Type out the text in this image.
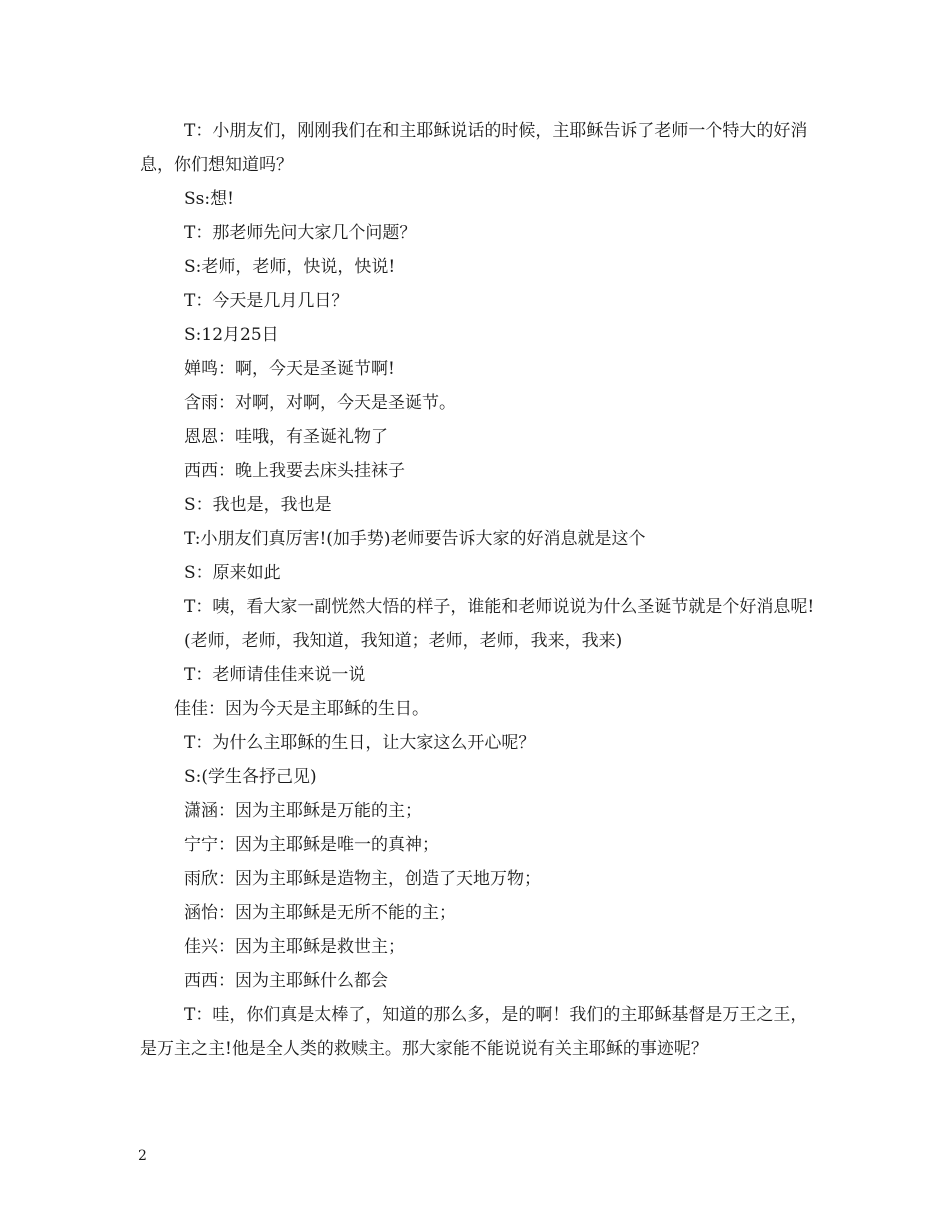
T：小朋友们，刚刚我们在和主耶稣说话的时候，主耶稣告诉了老师一个特大的好消息，你们想知道吗？

Ss:想!

T：那老师先问大家几个问题？

S:老师，老师，快说，快说!

T：今天是几月几日？

S:12月25日

婵鸣：啊，今天是圣诞节啊!

含雨：对啊，对啊，今天是圣诞节。

恩恩：哇哦，有圣诞礼物了

西西：晚上我要去床头挂袜子

S：我也是，我也是

T:小朋友们真厉害!(加手势)老师要告诉大家的好消息就是这个

S：原来如此

T：咦，看大家一副恍然大悟的样子，谁能和老师说说为什么圣诞节就是个好消息呢!

(老师，老师，我知道，我知道；老师，老师，我来，我来)

T：老师请佳佳来说一说

佳佳：因为今天是主耶稣的生日。

T：为什么主耶稣的生日，让大家这么开心呢？

S:(学生各抒己见)

潇涵：因为主耶稣是万能的主；

宁宁：因为主耶稣是唯一的真神；

雨欣：因为主耶稣是造物主，创造了天地万物；

涵怡：因为主耶稣是无所不能的主；

佳兴：因为主耶稣是救世主；

西西：因为主耶稣什么都会

T：哇，你们真是太棒了，知道的那么多，是的啊！我们的主耶稣基督是万王之王，是万主之主!他是全人类的救赎主。那大家能不能说说有关主耶稣的事迹呢？

2
